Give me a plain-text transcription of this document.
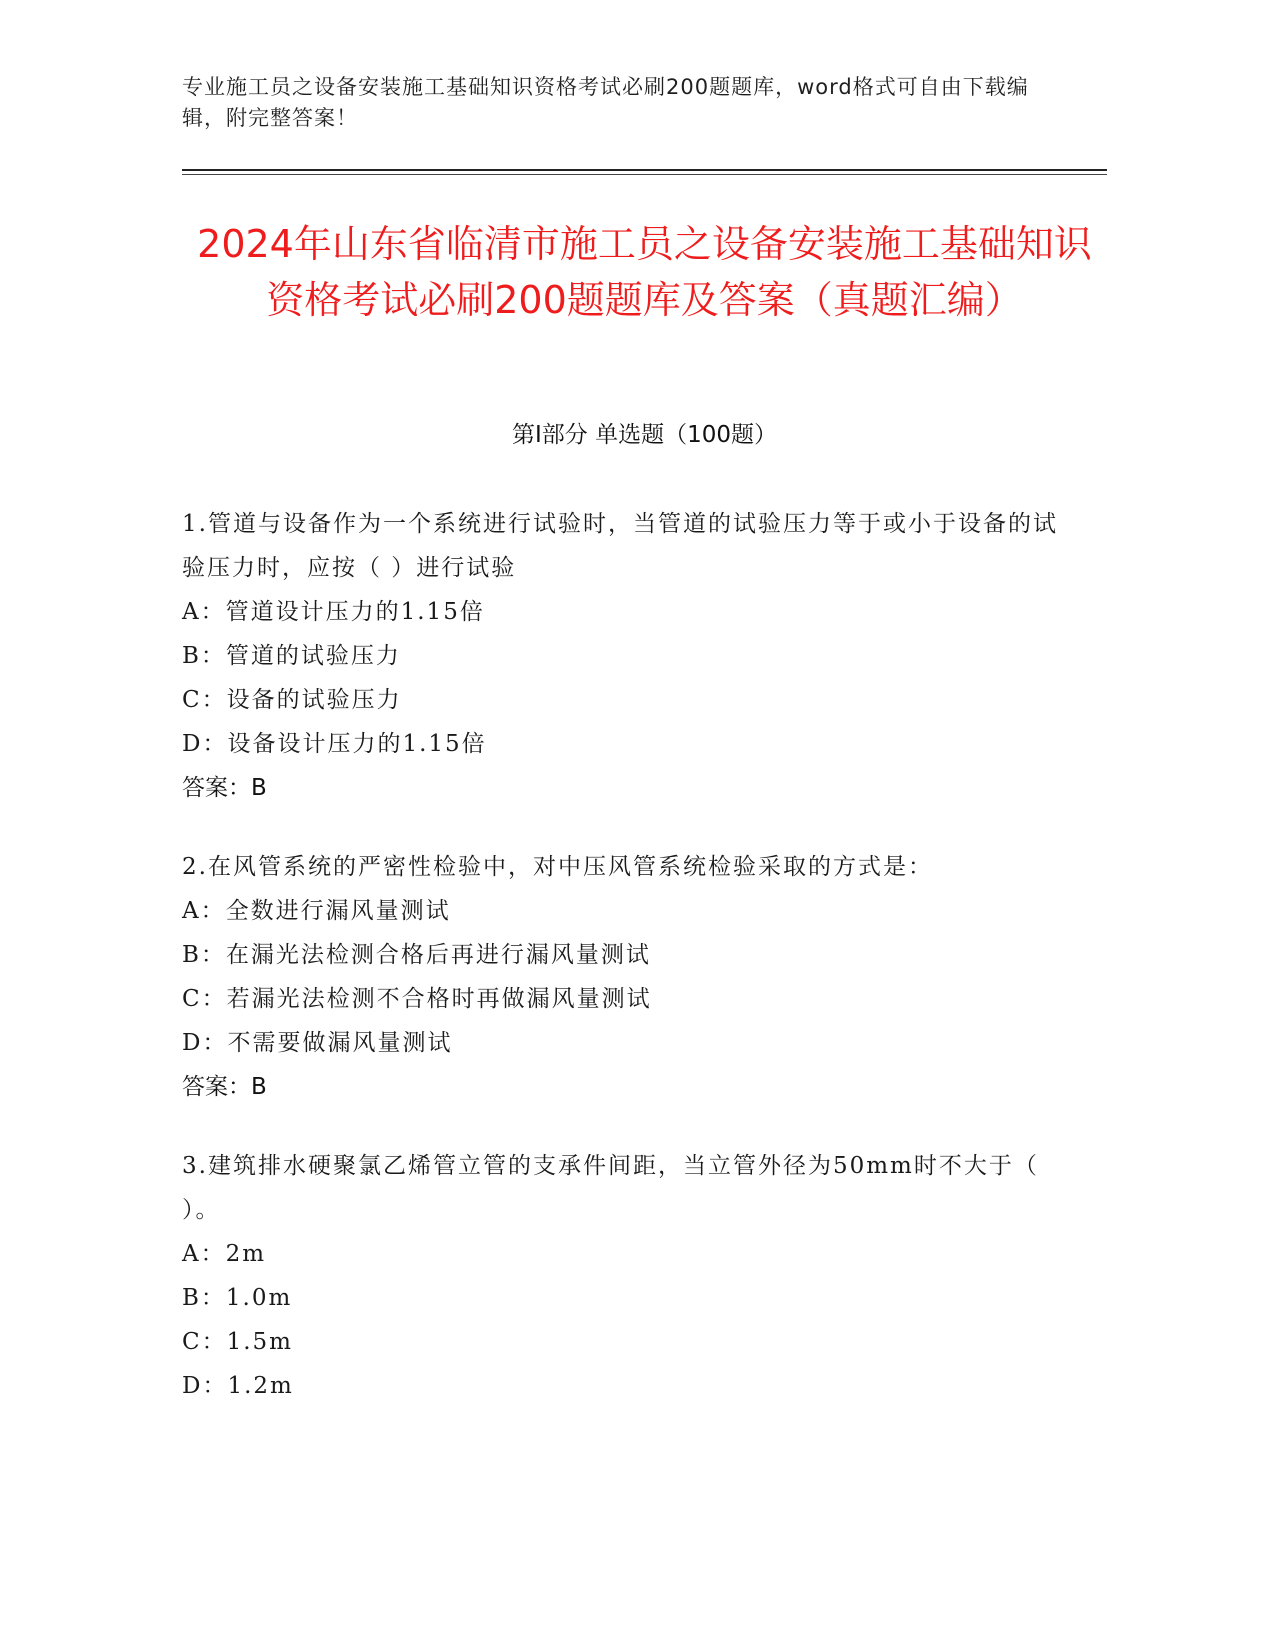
专业施工员之设备安装施工基础知识资格考试必刷200题题库，word格式可自由下载编辑，附完整答案！
2024年山东省临清市施工员之设备安装施工基础知识资格考试必刷200题题库及答案（真题汇编）
第Ⅰ部分 单选题（100题）
1.管道与设备作为一个系统进行试验时，当管道的试验压力等于或小于设备的试验压力时，应按（ ）进行试验
A：管道设计压力的1.15倍
B：管道的试验压力
C：设备的试验压力
D：设备设计压力的1.15倍
答案：B
2.在风管系统的严密性检验中，对中压风管系统检验采取的方式是：
A：全数进行漏风量测试
B：在漏光法检测合格后再进行漏风量测试
C：若漏光法检测不合格时再做漏风量测试
D：不需要做漏风量测试
答案：B
3.建筑排水硬聚氯乙烯管立管的支承件间距，当立管外径为50mm时不大于（ ）。
A：2m
B：1.0m
C：1.5m
D：1.2m
